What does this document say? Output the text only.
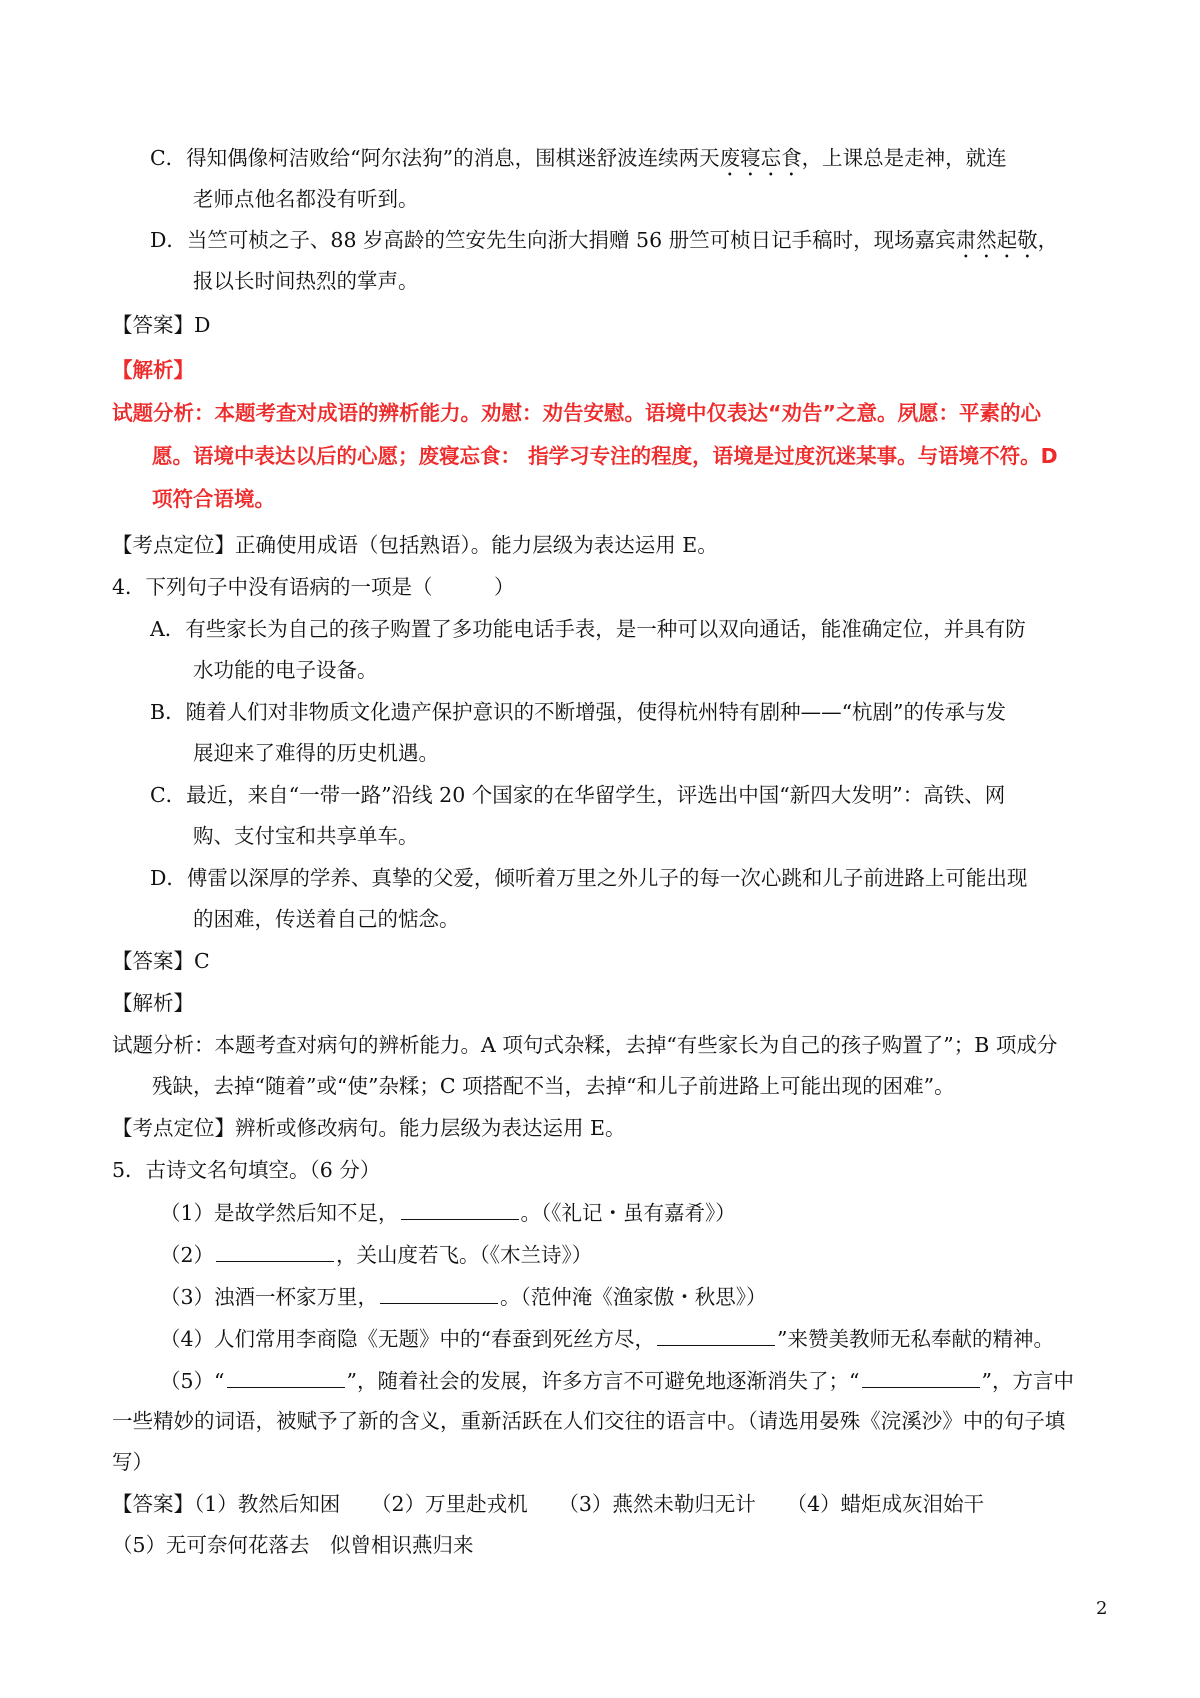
C．得知偶像柯洁败给“阿尔法狗”的消息，围棋迷舒波连续两天废寝忘食，上课总是走神，就连
老师点他名都没有听到。
D．当竺可桢之子、88 岁高龄的竺安先生向浙大捐赠 56 册竺可桢日记手稿时，现场嘉宾肃然起敬，
报以长时间热烈的掌声。
【答案】D
【解析】
试题分析：本题考查对成语的辨析能力。劝慰：劝告安慰。语境中仅表达“劝告”之意。夙愿：平素的心
愿。语境中表达以后的心愿；废寝忘食： 指学习专注的程度，语境是过度沉迷某事。与语境不符。D
项符合语境。
【考点定位】正确使用成语（包括熟语）。能力层级为表达运用 E。
4．下列句子中没有语病的一项是（　　　）
A．有些家长为自己的孩子购置了多功能电话手表，是一种可以双向通话，能准确定位，并具有防
水功能的电子设备。
B．随着人们对非物质文化遗产保护意识的不断增强，使得杭州特有剧种——“杭剧”的传承与发
展迎来了难得的历史机遇。
C．最近，来自“一带一路”沿线 20 个国家的在华留学生，评选出中国“新四大发明”：高铁、网
购、支付宝和共享单车。
D．傅雷以深厚的学养、真挚的父爱，倾听着万里之外儿子的每一次心跳和儿子前进路上可能出现
的困难，传送着自己的惦念。
【答案】C
【解析】
试题分析：本题考查对病句的辨析能力。A 项句式杂糅，去掉“有些家长为自己的孩子购置了”；B 项成分
残缺，去掉“随着”或“使”杂糅；C 项搭配不当，去掉“和儿子前进路上可能出现的困难”。
【考点定位】辨析或修改病句。能力层级为表达运用 E。
5．古诗文名句填空。（6 分）
（1）是故学然后知不足，	。（《礼记・虽有嘉肴》）
（2）	，关山度若飞。（《木兰诗》）
（3）浊酒一杯家万里，	。（范仲淹《渔家傲・秋思》）
（4）人们常用李商隐《无题》中的“春蚕到死丝方尽，	”来赞美教师无私奉献的精神。
（5）“	”，随着社会的发展，许多方言不可避免地逐渐消失了；“	”，方言中
一些精妙的词语，被赋予了新的含义，重新活跃在人们交往的语言中。（请选用晏殊《浣溪沙》中的句子填
写）
【答案】（1）教然后知困　　（2）万里赴戎机　　（3）燕然未勒归无计　　（4）蜡炬成灰泪始干
（5）无可奈何花落去　似曾相识燕归来
2
